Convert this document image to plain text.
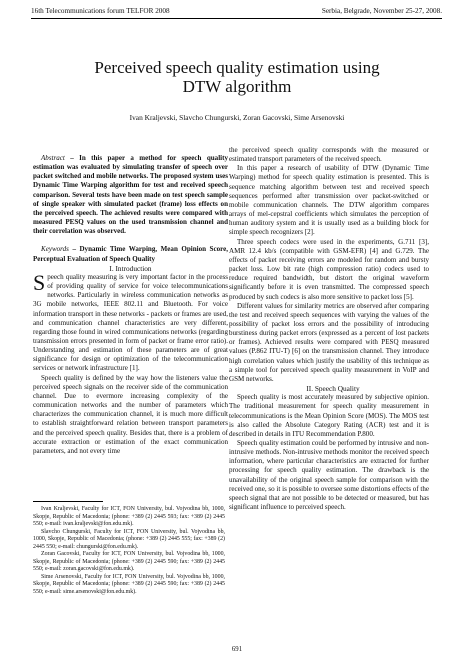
16th Telecommunications forum TELFOR 2008	Serbia, Belgrade, November 25-27, 2008.
Perceived speech quality estimation using
DTW algorithm
Ivan Kraljevski, Slavcho Chungurski, Zoran Gacovski, Sime Arsenovski

Abstract – In this paper a method for speech quality estimation was evaluated by simulating transfer of speech over packet switched and mobile networks. The proposed system uses Dynamic Time Warping algorithm for test and received speech comparison. Several tests have been made on test speech sample of single speaker with simulated packet (frame) loss effects on the perceived speech. The achieved results were compared with measured PESQ values on the used transmission channel and their correlation was observed.

Keywords – Dynamic Time Warping, Mean Opinion Score, Perceptual Evaluation of Speech Quality

I. Introduction

Speech quality measuring is very important factor in the process of providing quality of service for voice telecommunications networks. Particularly in wireless communication networks as 3G mobile networks, IEEE 802.11 and Bluetooth. For voice information transport in these networks - packets or frames are used, and communication channel characteristics are very different, regarding those found in wired communications networks (regarding transmission errors presented in form of packet or frame error ratio). Understanding and estimation of these parameters are of great significance for design or optimization of the telecommunication services or network infrastructure [1].

Speech quality is defined by the way how the listeners value the perceived speech signals on the receiver side of the communication channel. Due to evermore increasing complexity of the communication networks and the number of parameters which characterizes the communication channel, it is much more difficult to establish straightforward relation between transport parameters and the perceived speech quality. Besides that, there is a problem of accurate extraction or estimation of the exact communication parameters, and not every time

Ivan Kraljevski, Faculty for ICT, FON University, bul. Vojvodina bb, 1000, Skopje, Republic of Macedonia; (phone: +389 (2) 2445 593; fax: +389 (2) 2445 550; e-mail: ivan.kraljevski@fon.edu.mk).

Slavcho Chungurski, Faculty for ICT, FON University, bul. Vojvodina bb, 1000, Skopje, Republic of Macedonia; (phone: +389 (2) 2445 555; fax: +389 (2) 2445 550; e-mail: chungurski@fon.edu.mk).

Zoran Gacovski, Faculty for ICT, FON University, bul. Vojvodina bb, 1000, Skopje, Republic of Macedonia; (phone: +389 (2) 2445 590; fax: +389 (2) 2445 550; e-mail: zoran.gacovski@fon.edu.mk).

Sime Arsenovski, Faculty for ICT, FON University, bul. Vojvodina bb, 1000, Skopje, Republic of Macedonia; (phone: +389 (2) 2445 590; fax: +389 (2) 2445 550; e-mail: sime.arsenovski@fon.edu.mk).

the perceived speech quality corresponds with the measured or estimated transport parameters of the received speech.

In this paper a research of usability of DTW (Dynamic Time Warping) method for speech quality estimation is presented. This is sequence matching algorithm between test and received speech sequences performed after transmission over packet-switched or mobile communication channels. The DTW algorithm compares arrays of mel-cepstral coefficients which simulates the perception of human auditory system and it is usually used as a building block for simple speech recognizers [2].

Three speech codecs were used in the experiments, G.711 [3], AMR 12.4 kb/s (compatible with GSM-EFR) [4] and G.729. The effects of packet receiving errors are modeled for random and bursty packet loss. Low bit rate (high compression ratio) codecs used to reduce required bandwidth, but distort the original waveform significantly before it is even transmitted. The compressed speech produced by such codecs is also more sensitive to packet loss [5].

Different values for similarity metrics are observed after comparing the test and received speech sequences with varying the values of the possibility of packet loss errors and the possibility of introducing burstiness during packet errors (expressed as a percent of lost packets or frames). Achieved results were compared with PESQ measured values (P.862 ITU-T) [6] on the transmission channel. They introduce high correlation values which justify the usability of this technique as a simple tool for perceived speech quality measurement in VoIP and GSM networks.

II. Speech Quality

Speech quality is most accurately measured by subjective opinion. The traditional measurement for speech quality measurement in telecommunications is the Mean Opinion Score (MOS). The MOS test is also called the Absolute Category Rating (ACR) test and it is described in details in ITU Recommendation P.800.

Speech quality estimation could be performed by intrusive and non-intrusive methods. Non-intrusive methods monitor the received speech information, where particular characteristics are extracted for further processing for speech quality estimation. The drawback is the unavailability of the original speech sample for comparison with the received one, so it is possible to oversee some distortions effects of the speech signal that are not possible to be detected or measured, but has significant influence to perceived speech.

691
